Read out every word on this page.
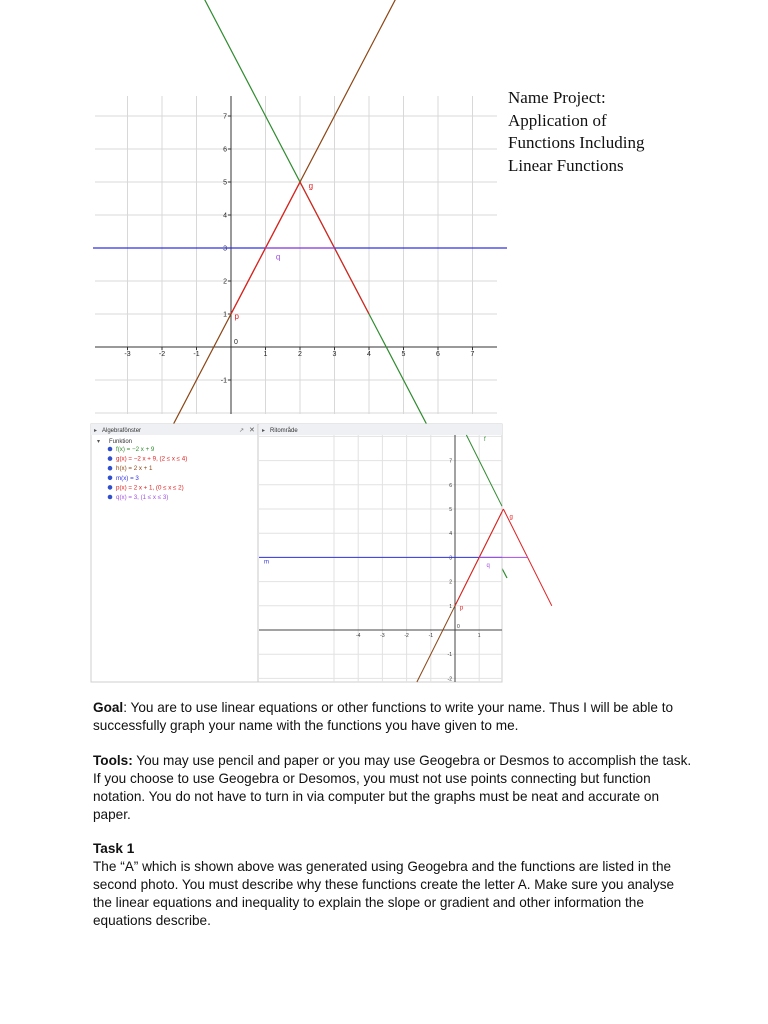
Name Project:
Application of
Functions Including
Linear Functions
-3	-2	-1	1	2	3	4	5	6	7
-1
1
2
3
4
5
6
7
0
g
p
q
▸ Algebrafönster	↗ ✕ ▸ Ritområde
Funktion
▾
f(x) = −2 x + 9
g(x) = −2 x + 9, (2 ≤ x ≤ 4)
h(x) = 2 x + 1
m(x) = 3
p(x) = 2 x + 1, (0 ≤ x ≤ 2)
q(x) = 3, (1 ≤ x ≤ 3)
-4	-3	-2	-1	1
-2
-1
1
2
3
4
5
6
7
0
f
g
m
p
q
Goal: You are to use linear equations or other functions to write your name. Thus I will be able to successfully graph your name with the functions you have given to me.
Tools: You may use pencil and paper or you may use Geogebra or Desmos to accomplish the task. If you choose to use Geogebra or Desomos, you must not use points connecting but function notation. You do not have to turn in via computer but the graphs must be neat and accurate on paper.
Task 1
The “A” which is shown above was generated using Geogebra and the functions are listed in the second photo. You must describe why these functions create the letter A. Make sure you analyse the linear equations and inequality to explain the slope or gradient and other information the equations describe.
